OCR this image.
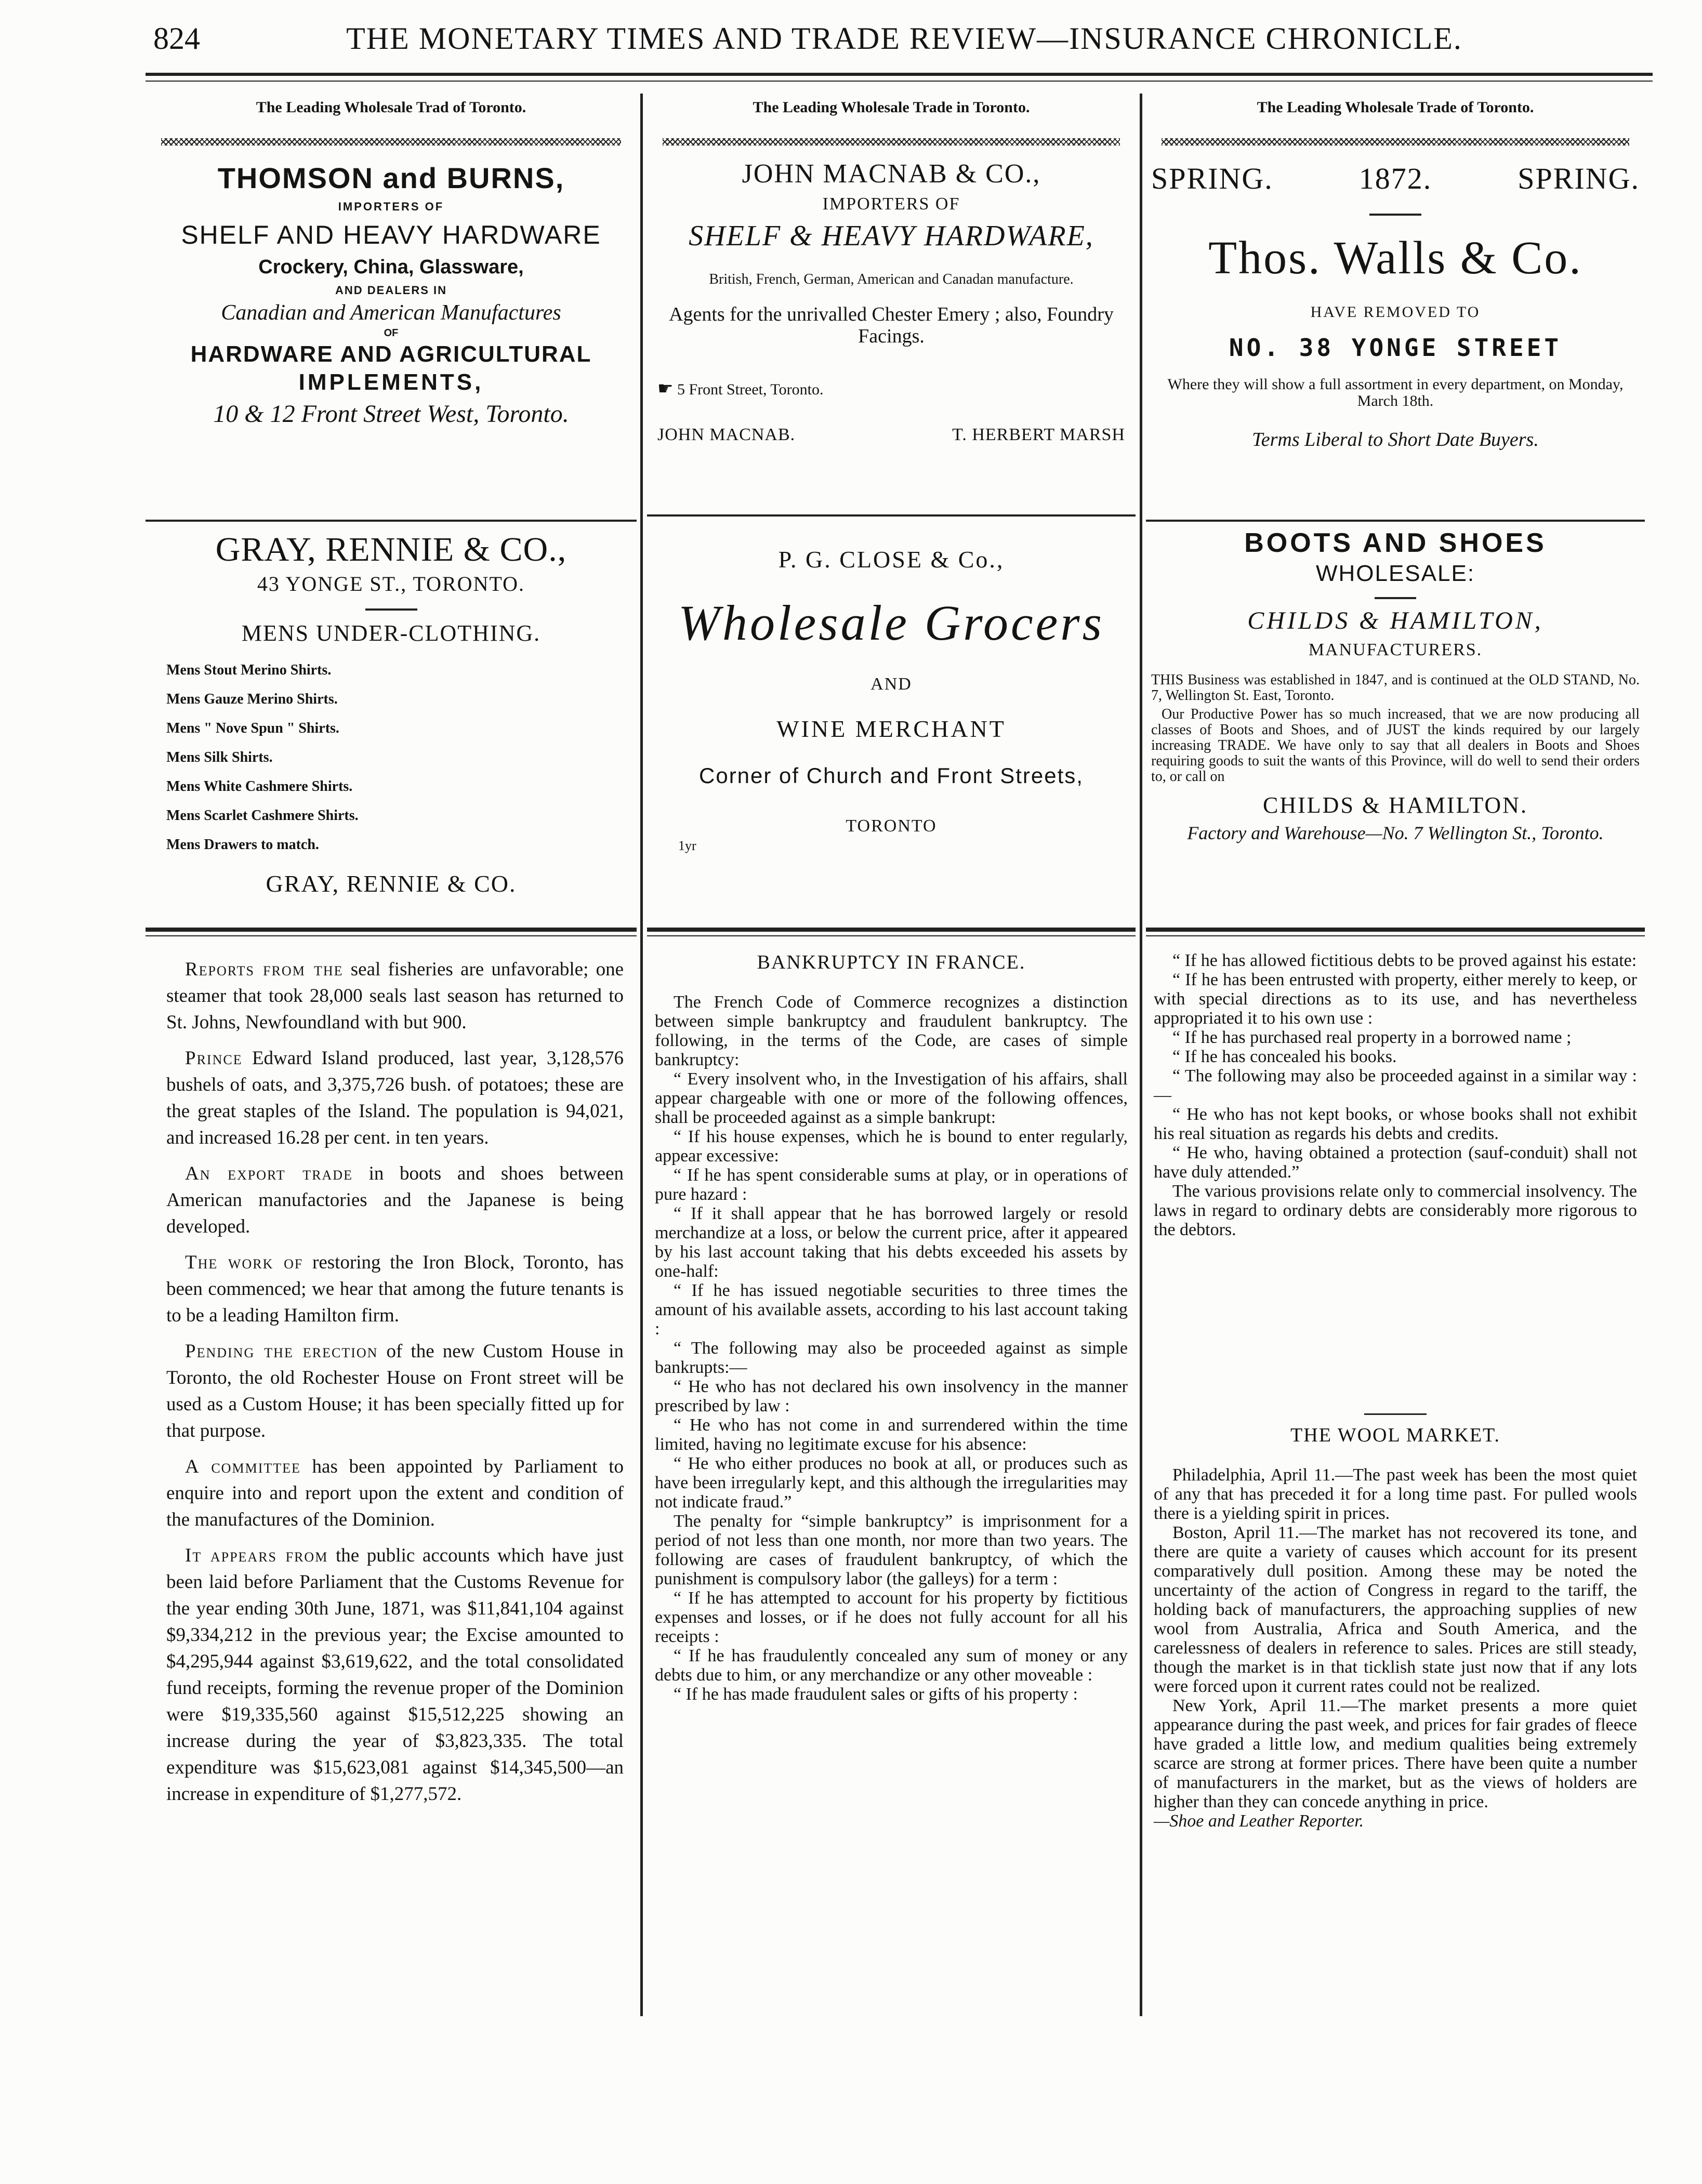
824	THE MONETARY TIMES AND TRADE REVIEW—INSURANCE CHRONICLE.
The Leading Wholesale Trad of Toronto.
THOMSON and BURNS,
IMPORTERS OF
SHELF AND HEAVY HARDWARE
Crockery, China, Glassware,
AND DEALERS IN
Canadian and American Manufactures
OF
HARDWARE AND AGRICULTURAL
IMPLEMENTS,
10 & 12 Front Street West, Toronto.
GRAY, RENNIE & CO.,
43 YONGE ST., TORONTO.
MENS UNDER-CLOTHING.
Mens Stout Merino Shirts.
Mens Gauze Merino Shirts.
Mens " Nove Spun " Shirts.
Mens Silk Shirts.
Mens White Cashmere Shirts.
Mens Scarlet Cashmere Shirts.
Mens Drawers to match.
GRAY, RENNIE & CO.

Reports from the seal fisheries are unfavorable; one steamer that took 28,000 seals last season has returned to St. Johns, Newfoundland with but 900.

Prince Edward Island produced, last year, 3,128,576 bushels of oats, and 3,375,726 bush. of potatoes; these are the great staples of the Island. The population is 94,021, and increased 16.28 per cent. in ten years.

An export trade in boots and shoes between American manufactories and the Japanese is being developed.

The work of restoring the Iron Block, Toronto, has been commenced; we hear that among the future tenants is to be a leading Hamilton firm.

Pending the erection of the new Custom House in Toronto, the old Rochester House on Front street will be used as a Custom House; it has been specially fitted up for that purpose.

A committee has been appointed by Parliament to enquire into and report upon the extent and condition of the manufactures of the Dominion.

It appears from the public accounts which have just been laid before Parliament that the Customs Revenue for the year ending 30th June, 1871, was $11,841,104 against $9,334,212 in the previous year; the Excise amounted to $4,295,944 against $3,619,622, and the total consolidated fund receipts, forming the revenue proper of the Dominion were $19,335,560 against $15,512,225 showing an increase during the year of $3,823,335. The total expenditure was $15,623,081 against $14,345,500—an increase in expenditure of $1,277,572.

The Leading Wholesale Trade in Toronto.
JOHN MACNAB & CO.,
IMPORTERS OF
SHELF & HEAVY HARDWARE,
British, French, German, American and Canadan manufacture.
Agents for the unrivalled Chester Emery ; also, Foundry Facings.
☛ 5 Front Street, Toronto.
JOHN MACNAB.	T. HERBERT MARSH
P. G. CLOSE & Co.,
Wholesale Grocers
AND
WINE MERCHANT
Corner of Church and Front Streets,
TORONTO
1yr
BANKRUPTCY IN FRANCE.

The French Code of Commerce recognizes a distinction between simple bankruptcy and fraudulent bankruptcy. The following, in the terms of the Code, are cases of simple bankruptcy:

“ Every insolvent who, in the Investigation of his affairs, shall appear chargeable with one or more of the following offences, shall be proceeded against as a simple bankrupt:

“ If his house expenses, which he is bound to enter regularly, appear excessive:

“ If he has spent considerable sums at play, or in operations of pure hazard :

“ If it shall appear that he has borrowed largely or resold merchandize at a loss, or below the current price, after it appeared by his last account taking that his debts exceeded his assets by one-half:

“ If he has issued negotiable securities to three times the amount of his available assets, according to his last account taking :

“ The following may also be proceeded against as simple bankrupts:—

“ He who has not declared his own insolvency in the manner prescribed by law :

“ He who has not come in and surrendered within the time limited, having no legitimate excuse for his absence:

“ He who either produces no book at all, or produces such as have been irregularly kept, and this although the irregularities may not indicate fraud.”

The penalty for “simple bankruptcy” is imprisonment for a period of not less than one month, nor more than two years. The following are cases of fraudulent bankruptcy, of which the punishment is compulsory labor (the galleys) for a term :

“ If he has attempted to account for his property by fictitious expenses and losses, or if he does not fully account for all his receipts :

“ If he has fraudulently concealed any sum of money or any debts due to him, or any merchandize or any other moveable :

“ If he has made fraudulent sales or gifts of his property :

The Leading Wholesale Trade of Toronto.
SPRING.	1872.	SPRING.
Thos. Walls & Co.
HAVE REMOVED TO
NO. 38 YONGE STREET
Where they will show a full assortment in every department, on Monday, March 18th.
Terms Liberal to Short Date Buyers.
BOOTS AND SHOES
WHOLESALE:
CHILDS & HAMILTON,
MANUFACTURERS.
THIS Business was established in 1847, and is continued at the OLD STAND, No. 7, Wellington St. East, Toronto.
Our Productive Power has so much increased, that we are now producing all classes of Boots and Shoes, and of JUST the kinds required by our largely increasing TRADE. We have only to say that all dealers in Boots and Shoes requiring goods to suit the wants of this Province, will do well to send their orders to, or call on
CHILDS & HAMILTON.
Factory and Warehouse—No. 7 Wellington St., Toronto.

“ If he has allowed fictitious debts to be proved against his estate:

“ If he has been entrusted with property, either merely to keep, or with special directions as to its use, and has nevertheless appropriated it to his own use :

“ If he has purchased real property in a borrowed name ;

“ If he has concealed his books.

“ The following may also be proceeded against in a similar way :—

“ He who has not kept books, or whose books shall not exhibit his real situation as regards his debts and credits.

“ He who, having obtained a protection (sauf-conduit) shall not have duly attended.”

The various provisions relate only to commercial insolvency. The laws in regard to ordinary debts are considerably more rigorous to the debtors.

THE WOOL MARKET.

Philadelphia, April 11.—The past week has been the most quiet of any that has preceded it for a long time past. For pulled wools there is a yielding spirit in prices.

Boston, April 11.—The market has not recovered its tone, and there are quite a variety of causes which account for its present comparatively dull position. Among these may be noted the uncertainty of the action of Congress in regard to the tariff, the holding back of manufacturers, the approaching supplies of new wool from Australia, Africa and South America, and the carelessness of dealers in reference to sales. Prices are still steady, though the market is in that ticklish state just now that if any lots were forced upon it current rates could not be realized.

New York, April 11.—The market presents a more quiet appearance during the past week, and prices for fair grades of fleece have graded a little low, and medium qualities being extremely scarce are strong at former prices. There have been quite a number of manufacturers in the market, but as the views of holders are higher than they can concede anything in price.

—Shoe and Leather Reporter.
